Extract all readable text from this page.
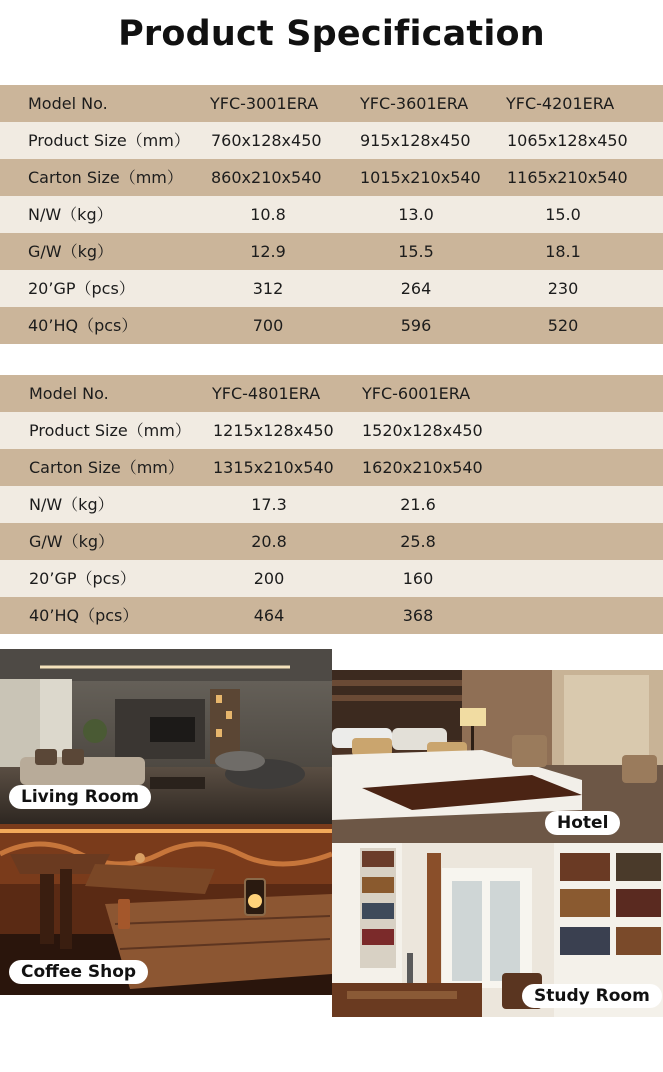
Product Specification
Model No.	YFC-3001ERA	YFC-3601ERA YFC-4201ERA
Product Size（mm） 760x128x450 915x128x450 1065x128x450
Carton Size（mm） 860x210x540 1015x210x540 1165x210x540
N/W（kg）	10.8	13.0	15.0
G/W（kg）	12.9	15.5	18.1
20’GP（pcs）	312	264	230
40’HQ（pcs）	700	596	520
Model No.	YFC-4801ERA	YFC-6001ERA
Product Size（mm） 1215x128x450 1520x128x450
Carton Size（mm） 1315x210x540 1620x210x540
N/W（kg）	17.3	21.6
G/W（kg）	20.8	25.8
20’GP（pcs）	200	160
40’HQ（pcs）	464	368
Living Room
Hotel
Coffee Shop
Study Room
